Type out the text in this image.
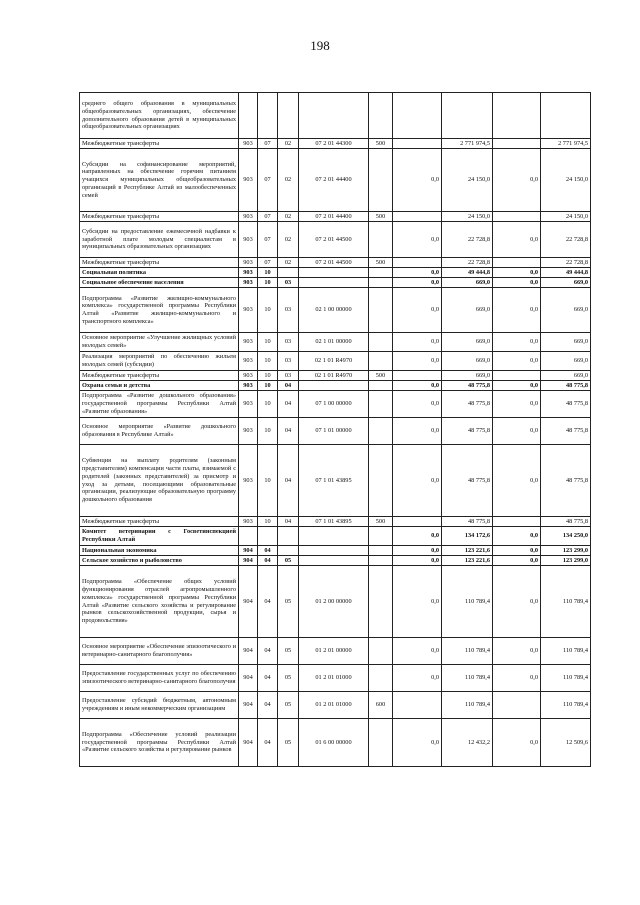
198
среднего общего образования в муниципальных общеобразовательных организациях, обеспечение дополнительного образования детей в муниципальных общеобразовательных организациях									
Межбюджетные трансферты	903	07	02	07 2 01 44300	500		2 771 974,5		2 771 974,5
Субсидии на софинансирование мероприятий, направленных на обеспечение горячим питанием учащихся муниципальных общеобразовательных организаций в Республике Алтай из малообеспеченных семей	903	07	02	07 2 01 44400		0,0	24 150,0	0,0	24 150,0
Межбюджетные трансферты	903	07	02	07 2 01 44400	500		24 150,0		24 150,0
Субсидии на предоставление ежемесячной надбавки к заработной плате молодым специалистам в муниципальных образовательных организациях	903	07	02	07 2 01 44500		0,0	22 728,8	0,0	22 728,8
Межбюджетные трансферты	903	07	02	07 2 01 44500	500		22 728,8		22 728,8
Социальная политика	903	10				0,0	49 444,8	0,0	49 444,8
Социальное обеспечение населения	903	10	03			0,0	669,0	0,0	669,0
Подпрограмма «Развитие жилищно-коммунального комплекса» государственной программы Республики Алтай «Развитие жилищно-коммунального и транспортного комплекса»	903	10	03	02 1 00 00000		0,0	669,0	0,0	669,0
Основное мероприятие «Улучшение жилищных условий молодых семей»	903	10	03	02 1 01 00000		0,0	669,0	0,0	669,0
Реализация мероприятий по обеспечению жильем молодых семей (субсидии)	903	10	03	02 1 01 R4970		0,0	669,0	0,0	669,0
Межбюджетные трансферты	903	10	03	02 1 01 R4970	500		669,0		669,0
Охрана семьи и детства	903	10	04			0,0	48 775,8	0,0	48 775,8
Подпрограмма «Развитие дошкольного образования» государственной программы Республики Алтай «Развитие образования»	903	10	04	07 1 00 00000		0,0	48 775,8	0,0	48 775,8
Основное мероприятие «Развитие дошкольного образования в Республике Алтай»	903	10	04	07 1 01 00000		0,0	48 775,8	0,0	48 775,8
Субвенция на выплату родителям (законным представителям) компенсации части платы, взимаемой с родителей (законных представителей) за присмотр и уход за детьми, посещающими образовательные организации, реализующие образовательную программу дошкольного образования	903	10	04	07 1 01 43895		0,0	48 775,8	0,0	48 775,8
Межбюджетные трансферты	903	10	04	07 1 01 43895	500		48 775,8		48 775,8
Комитет ветеринарии с Госветинспекцией Республики Алтай						0,0	134 172,6	0,0	134 250,0
Национальная экономика	904	04				0,0	123 221,6	0,0	123 299,0
Сельское хозяйство и рыболовство	904	04	05			0,0	123 221,6	0,0	123 299,0
Подпрограмма «Обеспечение общих условий функционирования отраслей агропромышленного комплекса» государственной программы Республики Алтай «Развитие сельского хозяйства и регулирование рынков сельскохозяйственной продукции, сырья и продовольствия»	904	04	05	01 2 00 00000		0,0	110 789,4	0,0	110 789,4
Основное мероприятие «Обеспечение эпизоотического и ветеринарно-санитарного благополучия»	904	04	05	01 2 01 00000		0,0	110 789,4	0,0	110 789,4
Предоставление государственных услуг по обеспечению эпизоотического ветеринарно-санитарного благополучия	904	04	05	01 2 01 01000		0,0	110 789,4	0,0	110 789,4
Предоставление субсидий бюджетным, автономным учреждениям и иным некоммерческим организациям	904	04	05	01 2 01 01000	600		110 789,4		110 789,4
Подпрограмма «Обеспечение условий реализации государственной программы Республики Алтай «Развитие сельского хозяйства и регулирование рынков	904	04	05	01 6 00 00000		0,0	12 432,2	0,0	12 509,6
